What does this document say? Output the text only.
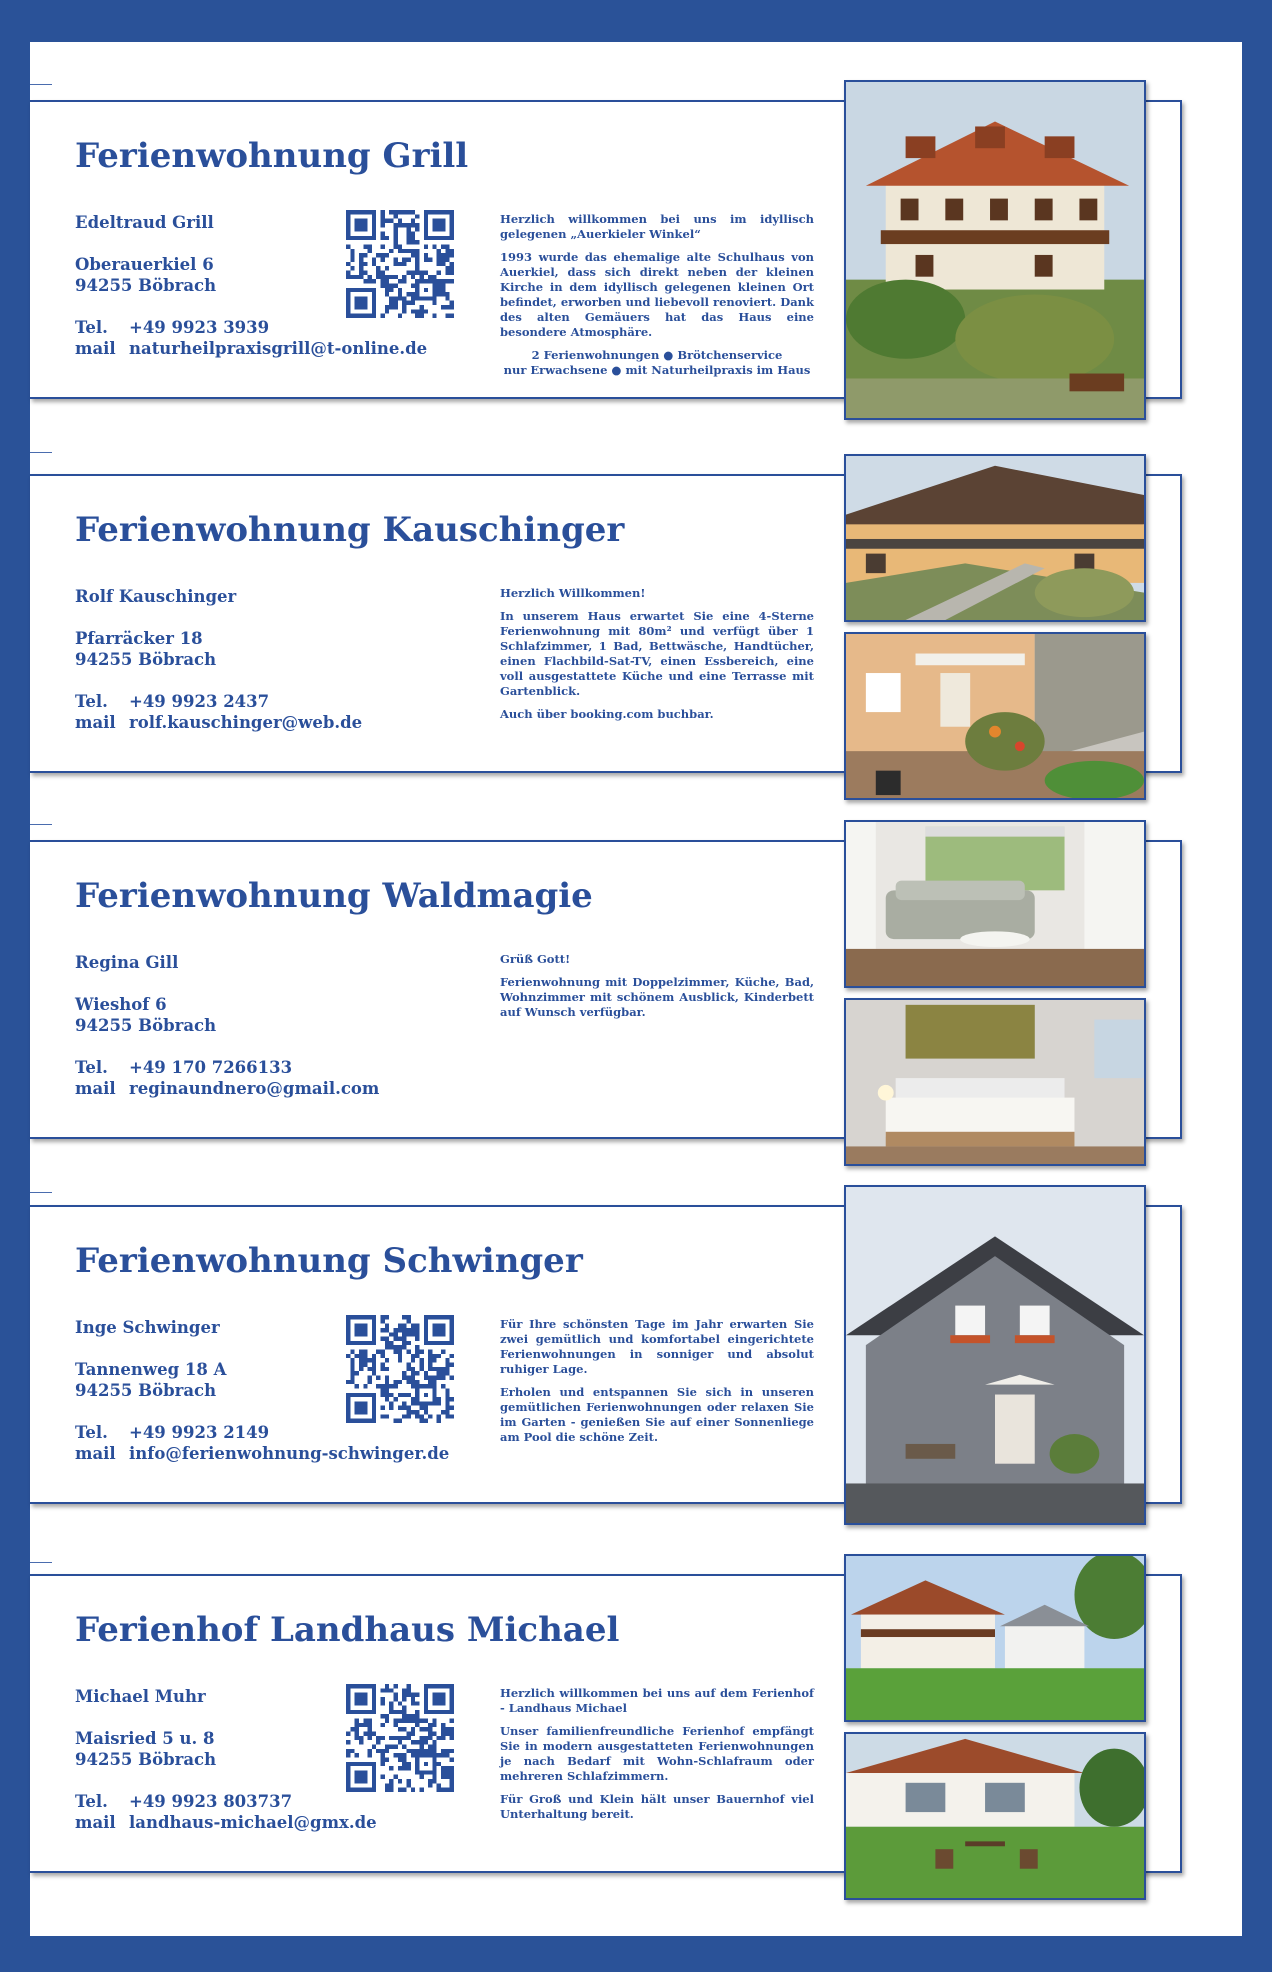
Ferienwohnung Grill
Edeltraud Grill
Oberauerkiel 6
94255 Böbrach
Tel. +49 9923 3939
mail naturheilpraxisgrill@t-online.de

Herzlich willkommen bei uns im idyllisch gelegenen „Auerkieler Winkel“

1993 wurde das ehemalige alte Schulhaus von Auerkiel, dass sich direkt neben der kleinen Kirche in dem idyllisch gelegenen kleinen Ort befindet, erworben und liebevoll renoviert. Dank des alten Gemäuers hat das Haus eine besondere Atmosphäre.

2 Ferienwohnungen ● Brötchenservice
nur Erwachsene ● mit Naturheilpraxis im Haus

Ferienwohnung Kauschinger
Rolf Kauschinger
Pfarräcker 18
94255 Böbrach
Tel. +49 9923 2437
mail rolf.kauschinger@web.de

Herzlich Willkommen!

In unserem Haus erwartet Sie eine 4-Sterne Ferienwohnung mit 80m² und verfügt über 1 Schlafzimmer, 1 Bad, Bettwäsche, Handtücher, einen Flachbild-Sat-TV, einen Essbereich, eine voll ausgestattete Küche und eine Terrasse mit Gartenblick.

Auch über booking.com buchbar.

Ferienwohnung Waldmagie
Regina Gill
Wieshof 6
94255 Böbrach
Tel. +49 170 7266133
mail reginaundnero@gmail.com

Grüß Gott!

Ferienwohnung mit Doppelzimmer, Küche, Bad, Wohnzimmer mit schönem Ausblick, Kinderbett auf Wunsch verfügbar.

Ferienwohnung Schwinger
Inge Schwinger
Tannenweg 18 A
94255 Böbrach
Tel. +49 9923 2149
mail info@ferienwohnung-schwinger.de

Für Ihre schönsten Tage im Jahr erwarten Sie zwei gemütlich und komfortabel eingerichtete Ferienwohnungen in sonniger und absolut ruhiger Lage.

Erholen und entspannen Sie sich in unseren gemütlichen Ferienwohnungen oder relaxen Sie im Garten - genießen Sie auf einer Sonnenliege am Pool die schöne Zeit.

Ferienhof Landhaus Michael
Michael Muhr
Maisried 5 u. 8
94255 Böbrach
Tel. +49 9923 803737
mail landhaus-michael@gmx.de

Herzlich willkommen bei uns auf dem Ferienhof - Landhaus Michael

Unser familienfreundliche Ferienhof empfängt Sie in modern ausgestatteten Ferienwohnungen je nach Bedarf mit Wohn-Schlafraum oder mehreren Schlafzimmern.

Für Groß und Klein hält unser Bauernhof viel Unterhaltung bereit.
